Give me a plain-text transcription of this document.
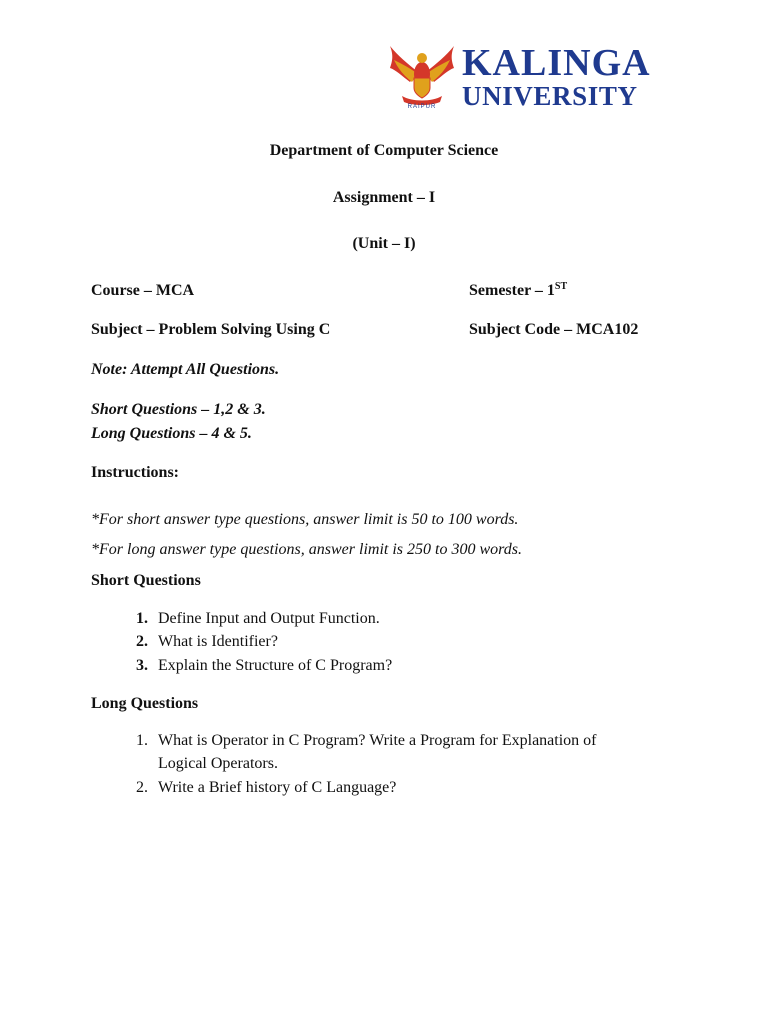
RAIPUR
KALINGA
UNIVERSITY
Department of Computer Science
Assignment – I
(Unit – I)
Course – MCA	Semester – 1ST
Subject – Problem Solving Using C	Subject Code – MCA102
Note: Attempt All Questions.
Short Questions – 1,2 & 3.
Long Questions – 4 & 5.
Instructions:
*For short answer type questions, answer limit is 50 to 100 words.
*For long answer type questions, answer limit is 250 to 300 words.
Short Questions
1. Define Input and Output Function.
2. What is Identifier?
3. Explain the Structure of C Program?
Long Questions
1. What is Operator in C Program? Write a Program for Explanation of
Logical Operators.
2. Write a Brief history of C Language?
